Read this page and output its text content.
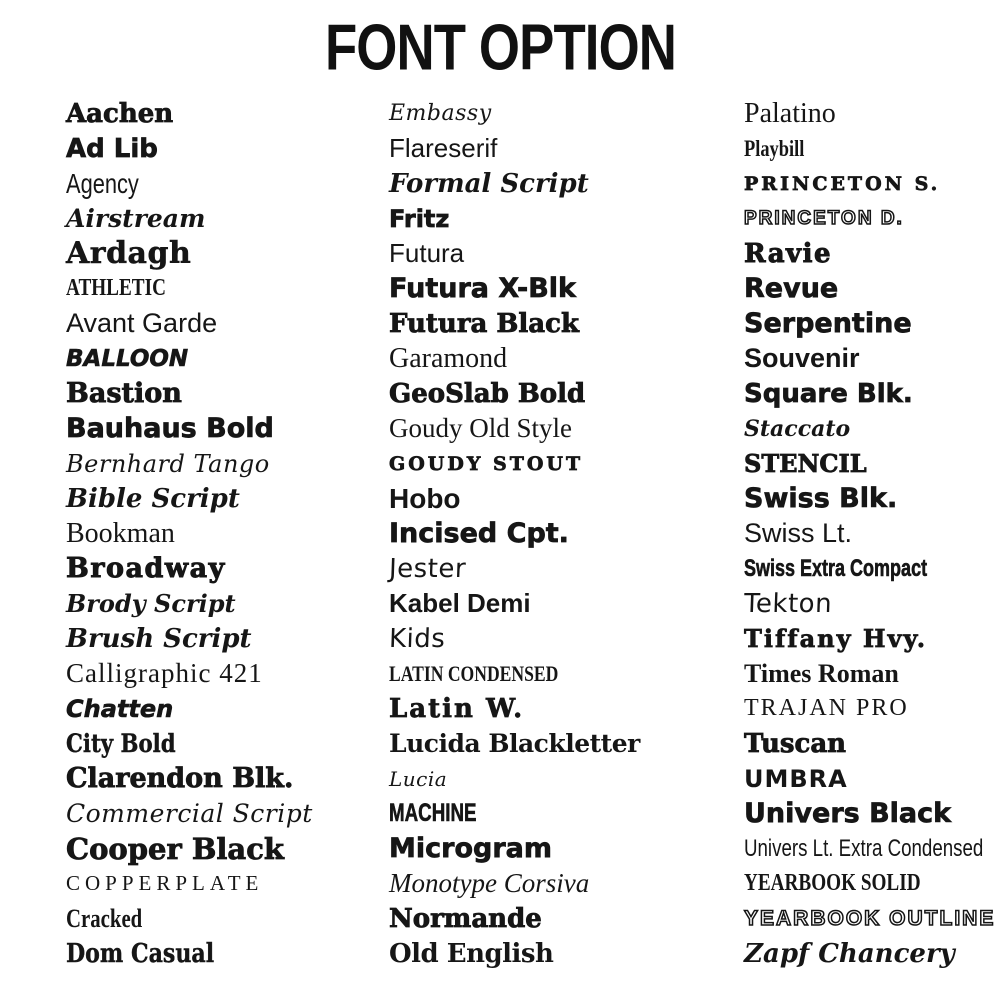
FONT OPTION
Aachen
Ad Lib
Agency
Airstream
Ardagh
ATHLETIC
Avant Garde
BALLOON
Bastion
Bauhaus Bold
Bernhard Tango
Bible Script
Bookman
Broadway
Brody Script
Brush Script
Calligraphic 421
Chatten
City Bold
Clarendon Blk.
Commercial Script
Cooper Black
COPPERPLATE
Cracked
Dom Casual
Embassy
Flareserif
Formal Script
Fritz
Futura
Futura X-Blk
Futura Black
Garamond
GeoSlab Bold
Goudy Old Style
GOUDY STOUT
Hobo
Incised Cpt.
Jester
Kabel Demi
Kids
LATIN CONDENSED
Latin W.
Lucida Blackletter
Lucia
MACHINE
Microgram
Monotype Corsiva
Normande
Old English
Palatino
Playbill
PRINCETON S.
PRINCETON D.
Ravie
Revue
Serpentine
Souvenir
Square Blk.
Staccato
STENCIL
Swiss Blk.
Swiss Lt.
Swiss Extra Compact
Tekton
Tiffany Hvy.
Times Roman
TRAJAN PRO
Tuscan
UMBRA
Univers Black
Univers Lt. Extra Condensed
YEARBOOK SOLID
YEARBOOK OUTLINE
Zapf Chancery
